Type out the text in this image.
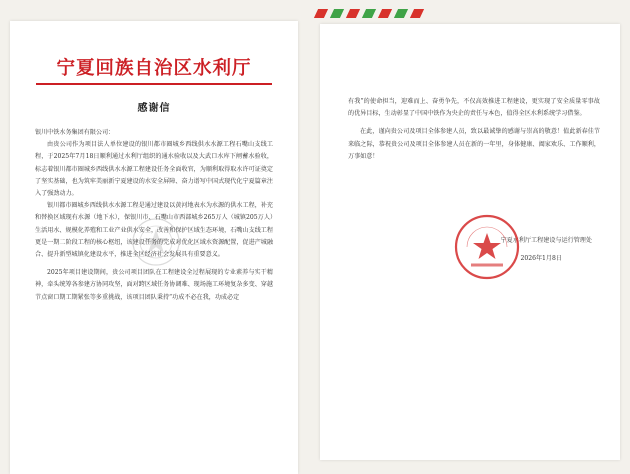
宁夏回族自治区水利厅
感谢信

银川中铁水务集团有限公司：

由贵公司作为项目法人单位建设的银川都市圈城乡西线供水水源工程石嘴山支线工程，于2025年7月18日顺利通过水利厅组织的通水验收以及大武口水库下闸蓄水验收，标志着银川都市圈城乡西线供水水源工程建设任务全面收官，为顺利取得取水许可证奠定了坚实基础，也为筑牢美丽新宁夏建设的水安全屏障、奋力谱写中国式现代化宁夏篇章注入了强劲动力。

银川都市圈城乡西线供水水源工程是通过建设以黄河地表水为水源的供水工程，补充和替换区域现有水源（地下水），保银川市、石嘴山市西部城乡265万人（城镇205万人）生活用水、规模化养殖和工业产业供水安全，改善和保护区域生态环境，石嘴山支线工程更是一期二阶段工程的核心枢纽，该建设任务的完成对优化区域水资源配置，促进产城融合、提升新型城镇化建设水平，推进全区经济社会发展具有重要意义。

2025年项目建设期间，贵公司项目团队在工程建设全过程展现的专业素养与实干精神，牵头统筹各参建方协同攻坚，面对跨区域任务协调难、现场施工环境复杂多变、穿越节点窗口期工期紧张等多重挑战，该项目团队秉持“功成不必在我，功成必定

有我”的使命担当，迎难而上、奋勇争先，不仅高效推进工程建设，更实现了安全质量零事故的优异目标，生动彰显了中国中铁作为央企的责任与本色，值得全区水利系统学习借鉴。

在此，谨向贵公司及项目全体参建人员，致以最诚挚的感谢与崇高的敬意！值此新春佳节来临之际，恭祝贵公司及项目全体参建人员在新的一年里，身体健康、阖家欢乐、工作顺利，万事如意！

宁夏水利厅工程建设与运行管理处
2026年1月8日
